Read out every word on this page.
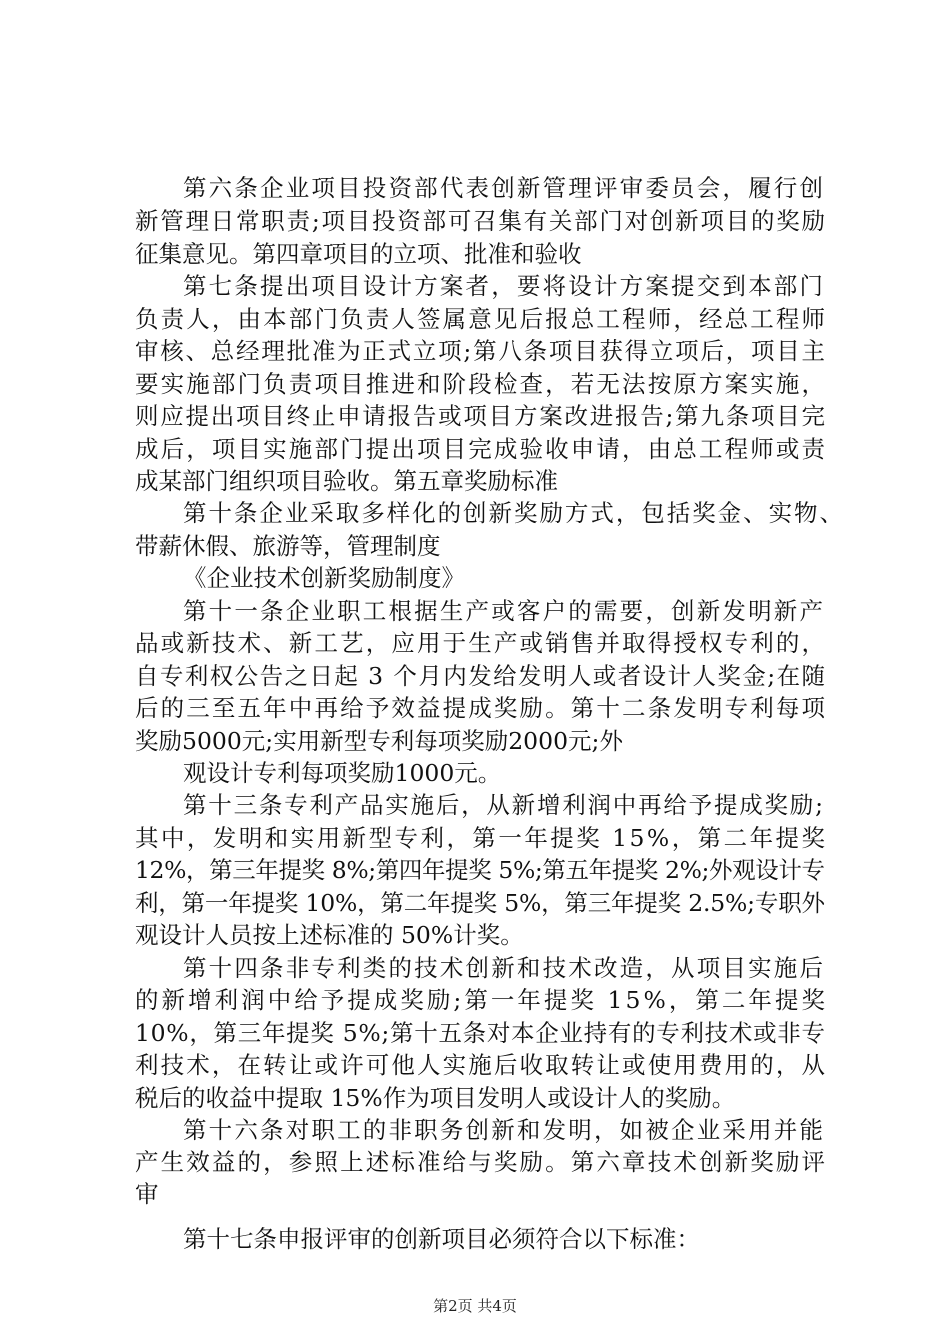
第六条企业项目投资部代表创新管理评审委员会，履行创
新管理日常职责;项目投资部可召集有关部门对创新项目的奖励
征集意见。第四章项目的立项、批准和验收
第七条提出项目设计方案者，要将设计方案提交到本部门
负责人，由本部门负责人签属意见后报总工程师，经总工程师
审核、总经理批准为正式立项;第八条项目获得立项后，项目主
要实施部门负责项目推进和阶段检查，若无法按原方案实施，
则应提出项目终止申请报告或项目方案改进报告;第九条项目完
成后，项目实施部门提出项目完成验收申请，由总工程师或责
成某部门组织项目验收。第五章奖励标准
第十条企业采取多样化的创新奖励方式，包括奖金、实物、
带薪休假、旅游等，管理制度
《企业技术创新奖励制度》
第十一条企业职工根据生产或客户的需要，创新发明新产
品或新技术、新工艺，应用于生产或销售并取得授权专利的，
自专利权公告之日起 3 个月内发给发明人或者设计人奖金;在随
后的三至五年中再给予效益提成奖励。第十二条发明专利每项
奖励5000元;实用新型专利每项奖励2000元;外
观设计专利每项奖励1000元。
第十三条专利产品实施后，从新增利润中再给予提成奖励;
其中，发明和实用新型专利，第一年提奖 15%，第二年提奖
12%，第三年提奖 8%;第四年提奖 5%;第五年提奖 2%;外观设计专
利，第一年提奖 10%，第二年提奖 5%，第三年提奖 2.5%;专职外
观设计人员按上述标准的 50%计奖。
第十四条非专利类的技术创新和技术改造，从项目实施后
的新增利润中给予提成奖励;第一年提奖 15%，第二年提奖
10%，第三年提奖 5%;第十五条对本企业持有的专利技术或非专
利技术，在转让或许可他人实施后收取转让或使用费用的，从
税后的收益中提取 15%作为项目发明人或设计人的奖励。
第十六条对职工的非职务创新和发明，如被企业采用并能
产生效益的，参照上述标准给与奖励。第六章技术创新奖励评
审
第十七条申报评审的创新项目必须符合以下标准：
第2页 共4页
